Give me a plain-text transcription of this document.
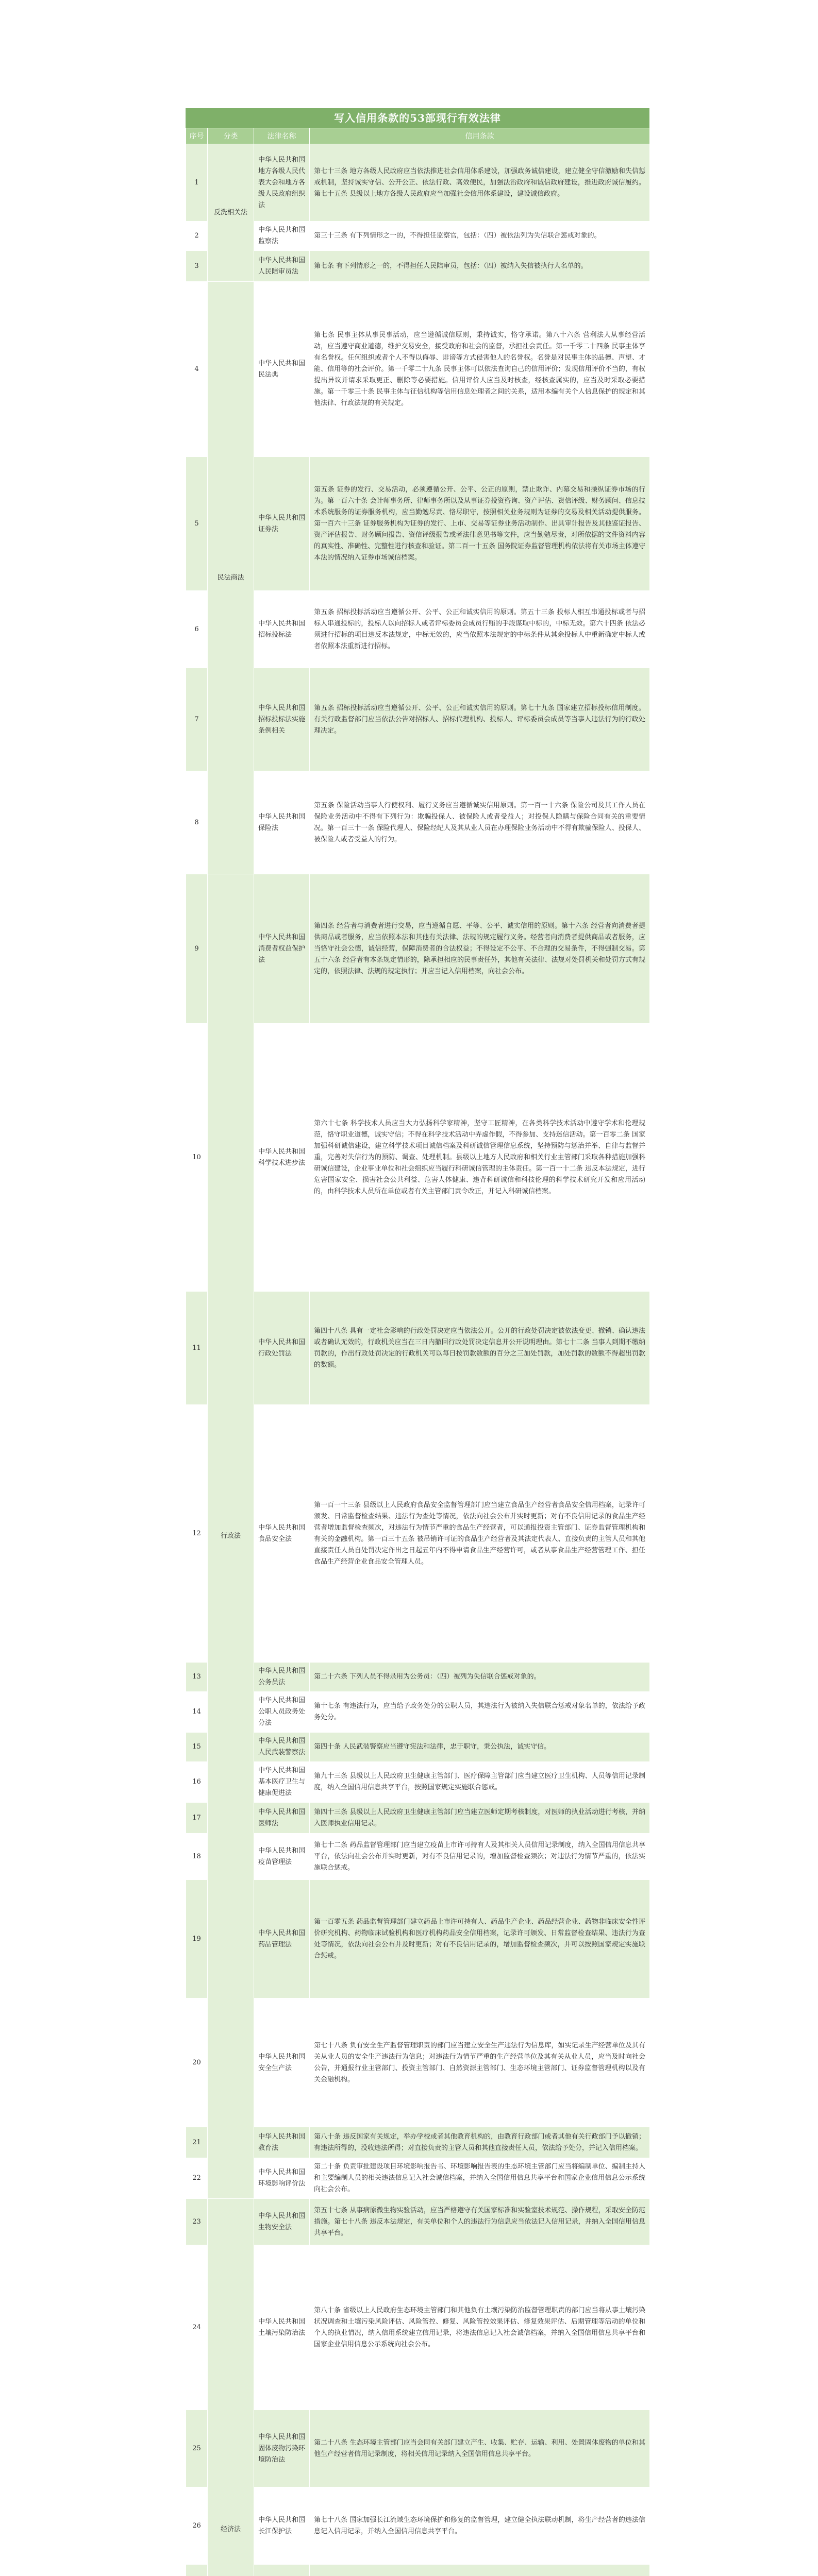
写入信用条款的53部现行有效法律
序号	分类	法律名称	信用条款
1	反洗相关法	中华人民共和国地方各级人民代表大会和地方各级人民政府组织法	第七十三条 地方各级人民政府应当依法推进社会信用体系建设，加强政务诚信建设，建立健全守信激励和失信惩戒机制，坚持诚实守信、公开公正、依法行政、高效便民，加强法治政府和诚信政府建设，推进政府诚信履约。第七十五条 县级以上地方各级人民政府应当加强社会信用体系建设，建设诚信政府。
2		中华人民共和国监察法	第三十三条 有下列情形之一的，不得担任监察官，包括：（四）被依法列为失信联合惩戒对象的。
3		中华人民共和国人民陪审员法	第七条 有下列情形之一的，不得担任人民陪审员，包括：（四）被纳入失信被执行人名单的。
4	民法商法	中华人民共和国民法典	第七条 民事主体从事民事活动，应当遵循诚信原则，秉持诚实，恪守承诺。第八十六条 营利法人从事经营活动，应当遵守商业道德，维护交易安全，接受政府和社会的监督，承担社会责任。第一千零二十四条 民事主体享有名誉权。任何组织或者个人不得以侮辱、诽谤等方式侵害他人的名誉权。名誉是对民事主体的品德、声望、才能、信用等的社会评价。第一千零二十九条 民事主体可以依法查询自己的信用评价；发现信用评价不当的，有权提出异议并请求采取更正、删除等必要措施。信用评价人应当及时核查，经核查属实的，应当及时采取必要措施。第一千零三十条 民事主体与征信机构等信用信息处理者之间的关系，适用本编有关个人信息保护的规定和其他法律、行政法规的有关规定。
5		中华人民共和国证券法	第五条 证券的发行、交易活动，必须遵循公开、公平、公正的原则，禁止欺诈、内幕交易和操纵证券市场的行为。第一百六十条 会计师事务所、律师事务所以及从事证券投资咨询、资产评估、资信评级、财务顾问、信息技术系统服务的证券服务机构，应当勤勉尽责、恪尽职守，按照相关业务规则为证券的交易及相关活动提供服务。第一百六十三条 证券服务机构为证券的发行、上市、交易等证券业务活动制作、出具审计报告及其他鉴证报告、资产评估报告、财务顾问报告、资信评级报告或者法律意见书等文件，应当勤勉尽责，对所依据的文件资料内容的真实性、准确性、完整性进行核查和验证。第二百一十五条 国务院证券监督管理机构依法将有关市场主体遵守本法的情况纳入证券市场诚信档案。
6		中华人民共和国招标投标法	第五条 招标投标活动应当遵循公开、公平、公正和诚实信用的原则。第五十三条 投标人相互串通投标或者与招标人串通投标的，投标人以向招标人或者评标委员会成员行贿的手段谋取中标的，中标无效。第六十四条 依法必须进行招标的项目违反本法规定，中标无效的，应当依照本法规定的中标条件从其余投标人中重新确定中标人或者依照本法重新进行招标。
7		中华人民共和国招标投标法实施条例相关	第五条 招标投标活动应当遵循公开、公平、公正和诚实信用的原则。第七十九条 国家建立招标投标信用制度。有关行政监督部门应当依法公告对招标人、招标代理机构、投标人、评标委员会成员等当事人违法行为的行政处理决定。
8		中华人民共和国保险法	第五条 保险活动当事人行使权利、履行义务应当遵循诚实信用原则。第一百一十六条 保险公司及其工作人员在保险业务活动中不得有下列行为：欺骗投保人、被保险人或者受益人；对投保人隐瞒与保险合同有关的重要情况。第一百三十一条 保险代理人、保险经纪人及其从业人员在办理保险业务活动中不得有欺骗保险人、投保人、被保险人或者受益人的行为。
9	行政法	中华人民共和国消费者权益保护法	第四条 经营者与消费者进行交易，应当遵循自愿、平等、公平、诚实信用的原则。第十六条 经营者向消费者提供商品或者服务，应当依照本法和其他有关法律、法规的规定履行义务。经营者向消费者提供商品或者服务，应当恪守社会公德，诚信经营，保障消费者的合法权益；不得设定不公平、不合理的交易条件，不得强制交易。第五十六条 经营者有本条规定情形的，除承担相应的民事责任外，其他有关法律、法规对处罚机关和处罚方式有规定的，依照法律、法规的规定执行；并应当记入信用档案，向社会公布。
10		中华人民共和国科学技术进步法	第六十七条 科学技术人员应当大力弘扬科学家精神，坚守工匠精神，在各类科学技术活动中遵守学术和伦理规范，恪守职业道德，诚实守信；不得在科学技术活动中弄虚作假，不得参加、支持迷信活动。第一百零二条 国家加强科研诚信建设，建立科学技术项目诚信档案及科研诚信管理信息系统，坚持预防与惩治并举、自律与监督并重，完善对失信行为的预防、调查、处理机制。县级以上地方人民政府和相关行业主管部门采取各种措施加强科研诚信建设，企业事业单位和社会组织应当履行科研诚信管理的主体责任。第一百一十二条 违反本法规定，进行危害国家安全、损害社会公共利益、危害人体健康、违背科研诚信和科技伦理的科学技术研究开发和应用活动的，由科学技术人员所在单位或者有关主管部门责令改正，并记入科研诚信档案。
11		中华人民共和国行政处罚法	第四十八条 具有一定社会影响的行政处罚决定应当依法公开。公开的行政处罚决定被依法变更、撤销、确认违法或者确认无效的，行政机关应当在三日内撤回行政处罚决定信息并公开说明理由。第七十二条 当事人到期不缴纳罚款的，作出行政处罚决定的行政机关可以每日按罚款数额的百分之三加处罚款，加处罚款的数额不得超出罚款的数额。
12		中华人民共和国食品安全法	第一百一十三条 县级以上人民政府食品安全监督管理部门应当建立食品生产经营者食品安全信用档案，记录许可颁发、日常监督检查结果、违法行为查处等情况，依法向社会公布并实时更新；对有不良信用记录的食品生产经营者增加监督检查频次，对违法行为情节严重的食品生产经营者，可以通报投资主管部门、证券监督管理机构和有关的金融机构。第一百三十五条 被吊销许可证的食品生产经营者及其法定代表人、直接负责的主管人员和其他直接责任人员自处罚决定作出之日起五年内不得申请食品生产经营许可，或者从事食品生产经营管理工作、担任食品生产经营企业食品安全管理人员。
13		中华人民共和国公务员法	第二十六条 下列人员不得录用为公务员：（四）被列为失信联合惩戒对象的。
14		中华人民共和国公职人员政务处分法	第十七条 有违法行为，应当给予政务处分的公职人员，其违法行为被纳入失信联合惩戒对象名单的，依法给予政务处分。
15		中华人民共和国人民武装警察法	第四十条 人民武装警察应当遵守宪法和法律，忠于职守，秉公执法，诚实守信。
16		中华人民共和国基本医疗卫生与健康促进法	第九十三条 县级以上人民政府卫生健康主管部门、医疗保障主管部门应当建立医疗卫生机构、人员等信用记录制度，纳入全国信用信息共享平台，按照国家规定实施联合惩戒。
17		中华人民共和国医师法	第四十三条 县级以上人民政府卫生健康主管部门应当建立医师定期考核制度，对医师的执业活动进行考核，并纳入医师执业信用记录。
18		中华人民共和国疫苗管理法	第七十二条 药品监督管理部门应当建立疫苗上市许可持有人及其相关人员信用记录制度，纳入全国信用信息共享平台，依法向社会公布并实时更新，对有不良信用记录的，增加监督检查频次；对违法行为情节严重的，依法实施联合惩戒。
19		中华人民共和国药品管理法	第一百零五条 药品监督管理部门建立药品上市许可持有人、药品生产企业、药品经营企业、药物非临床安全性评价研究机构、药物临床试验机构和医疗机构药品安全信用档案，记录许可颁发、日常监督检查结果、违法行为查处等情况，依法向社会公布并及时更新；对有不良信用记录的，增加监督检查频次，并可以按照国家规定实施联合惩戒。
20		中华人民共和国安全生产法	第七十八条 负有安全生产监督管理职责的部门应当建立安全生产违法行为信息库，如实记录生产经营单位及其有关从业人员的安全生产违法行为信息；对违法行为情节严重的生产经营单位及其有关从业人员，应当及时向社会公告，并通报行业主管部门、投资主管部门、自然资源主管部门、生态环境主管部门、证券监督管理机构以及有关金融机构。
21		中华人民共和国教育法	第八十条 违反国家有关规定，举办学校或者其他教育机构的，由教育行政部门或者其他有关行政部门予以撤销；有违法所得的，没收违法所得；对直接负责的主管人员和其他直接责任人员，依法给予处分，并记入信用档案。
22		中华人民共和国环境影响评价法	第二十条 负责审批建设项目环境影响报告书、环境影响报告表的生态环境主管部门应当将编制单位、编制主持人和主要编制人员的相关违法信息记入社会诚信档案，并纳入全国信用信息共享平台和国家企业信用信息公示系统向社会公布。
23	经济法	中华人民共和国生物安全法	第五十七条 从事病原微生物实验活动，应当严格遵守有关国家标准和实验室技术规范、操作规程，采取安全防范措施。第七十八条 违反本法规定，有关单位和个人的违法行为信息应当依法记入信用记录，并纳入全国信用信息共享平台。
24		中华人民共和国土壤污染防治法	第八十条 省级以上人民政府生态环境主管部门和其他负有土壤污染防治监督管理职责的部门应当将从事土壤污染状况调查和土壤污染风险评估、风险管控、修复、风险管控效果评估、修复效果评估、后期管理等活动的单位和个人的执业情况，纳入信用系统建立信用记录，将违法信息记入社会诚信档案，并纳入全国信用信息共享平台和国家企业信用信息公示系统向社会公布。
25		中华人民共和国固体废物污染环境防治法	第二十八条 生态环境主管部门应当会同有关部门建立产生、收集、贮存、运输、利用、处置固体废物的单位和其他生产经营者信用记录制度，将相关信用记录纳入全国信用信息共享平台。
26		中华人民共和国长江保护法	第七十八条 国家加强长江流域生态环境保护和修复的监督管理，建立健全执法联动机制，将生产经营者的违法信息记入信用记录，并纳入全国信用信息共享平台。
